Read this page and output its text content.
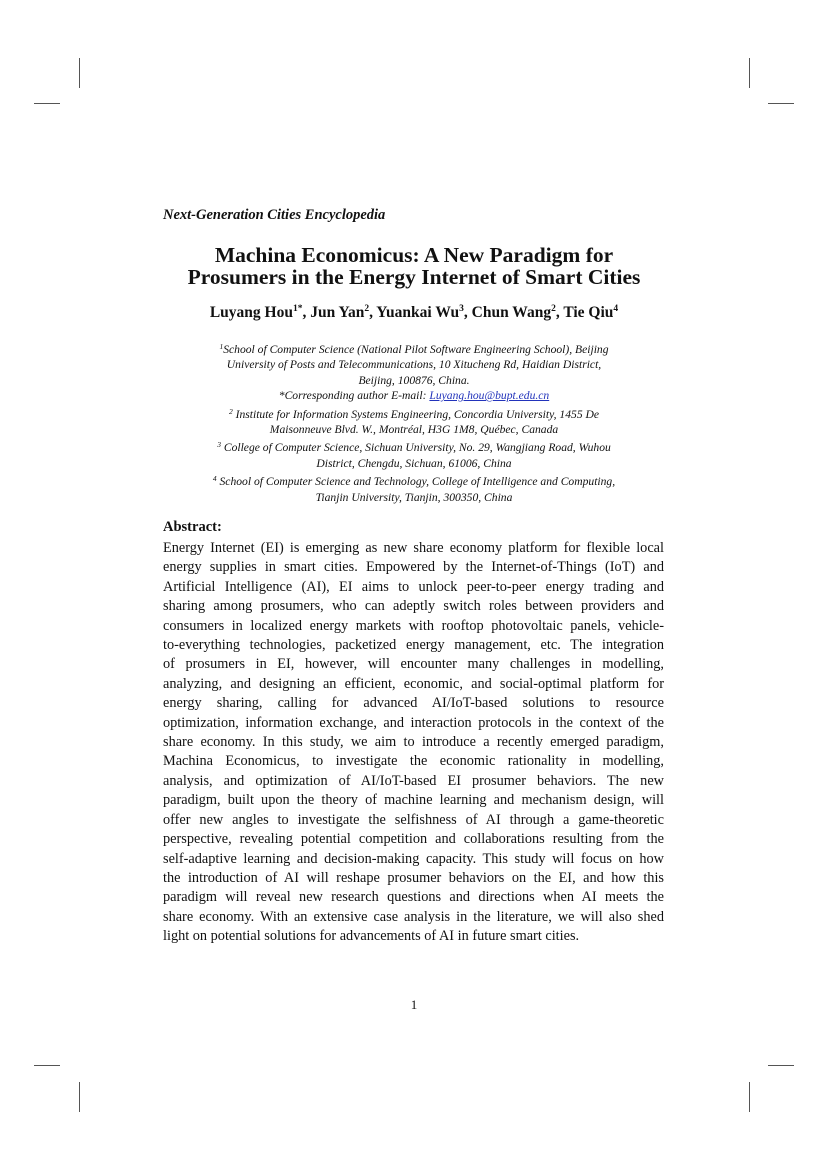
Next-Generation Cities Encyclopedia
Machina Economicus: A New Paradigm for
Prosumers in the Energy Internet of Smart Cities
Luyang Hou$^{1*}$, Jun Yan$^2$, Yuankai Wu$^3$, Chun Wang$^2$, Tie Qiu$^4$
$^1$School of Computer Science (National Pilot Software Engineering School), Beijing
University of Posts and Telecommunications, 10 Xitucheng Rd, Haidian District,
Beijing, 100876, China.
*Corresponding author E-mail: Luyang.hou@bupt.edu.cn
$^2$ Institute for Information Systems Engineering, Concordia University, 1455 De
Maisonneuve Blvd. W., Montréal, H3G 1M8, Québec, Canada
$^3$ College of Computer Science, Sichuan University, No. 29, Wangjiang Road, Wuhou
District, Chengdu, Sichuan, 61006, China
$^4$ School of Computer Science and Technology, College of Intelligence and Computing,
Tianjin University, Tianjin, 300350, China
Abstract:
Energy Internet (EI) is emerging as new share economy platform for flexible local
energy supplies in smart cities. Empowered by the Internet-of-Things (IoT) and
Artificial Intelligence (AI), EI aims to unlock peer-to-peer energy trading and
sharing among prosumers, who can adeptly switch roles between providers and
consumers in localized energy markets with rooftop photovoltaic panels, vehicle-
to-everything technologies, packetized energy management, etc. The integration
of prosumers in EI, however, will encounter many challenges in modelling,
analyzing, and designing an efficient, economic, and social-optimal platform for
energy sharing, calling for advanced AI/IoT-based solutions to resource
optimization, information exchange, and interaction protocols in the context of the
share economy. In this study, we aim to introduce a recently emerged paradigm,
Machina Economicus, to investigate the economic rationality in modelling,
analysis, and optimization of AI/IoT-based EI prosumer behaviors. The new
paradigm, built upon the theory of machine learning and mechanism design, will
offer new angles to investigate the selfishness of AI through a game-theoretic
perspective, revealing potential competition and collaborations resulting from the
self-adaptive learning and decision-making capacity. This study will focus on how
the introduction of AI will reshape prosumer behaviors on the EI, and how this
paradigm will reveal new research questions and directions when AI meets the
share economy. With an extensive case analysis in the literature, we will also shed
light on potential solutions for advancements of AI in future smart cities.
1
